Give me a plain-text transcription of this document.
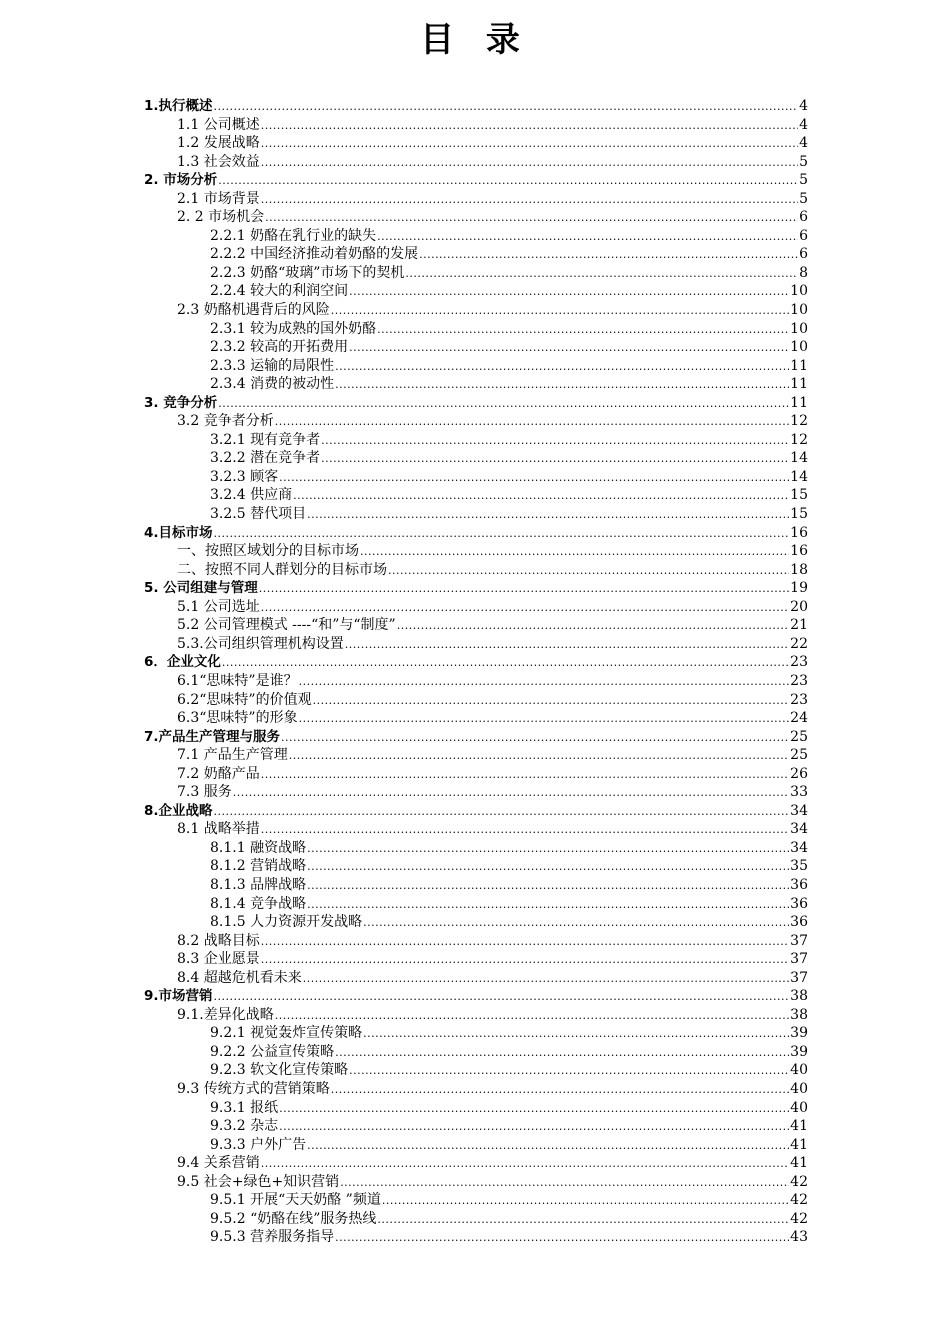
目 录
1.执行概述 .....	4
1.1 公司概述 .....	4
1.2 发展战略 .....	4
1.3 社会效益 .....	5
2. 市场分析 .....	5
2.1 市场背景 .....	5
2. 2 市场机会 .....	6
2.2.1 奶酪在乳行业的缺失 .....	6
2.2.2 中国经济推动着奶酪的发展 .....	6
2.2.3 奶酪“玻璃”市场下的契机 .....	8
2.2.4 较大的利润空间 .....	10
2.3 奶酪机遇背后的风险 .....	10
2.3.1 较为成熟的国外奶酪 .....	10
2.3.2 较高的开拓费用 .....	10
2.3.3 运输的局限性 .....	11
2.3.4 消费的被动性 .....	11
3. 竞争分析 .....	11
3.2 竞争者分析 .....	12
3.2.1 现有竞争者 .....	12
3.2.2 潜在竞争者 .....	14
3.2.3 顾客 .....	14
3.2.4 供应商 .....	15
3.2.5 替代项目 .....	15
4.目标市场 .....	16
一、按照区域划分的目标市场 .....	16
二、按照不同人群划分的目标市场 .....	18
5. 公司组建与管理 .....	19
5.1 公司选址 .....	20
5.2 公司管理模式 ----“和”与“制度” .....	21
5.3.公司组织管理机构设置 .....	22
6．企业文化 .....	23
6.1“思味特”是谁？ .....	23
6.2“思味特”的价值观 .....	23
6.3“思味特”的形象 .....	24
7.产品生产管理与服务 .....	25
7.1 产品生产管理 .....	25
7.2 奶酪产品 .....	26
7.3 服务 .....	33
8.企业战略 .....	34
8.1 战略举措 .....	34
8.1.1 融资战略 .....	34
8.1.2 营销战略 .....	35
8.1.3 品牌战略 .....	36
8.1.4 竞争战略 .....	36
8.1.5 人力资源开发战略 .....	36
8.2 战略目标 .....	37
8.3 企业愿景 .....	37
8.4 超越危机看未来 .....	37
9.市场营销 .....	38
9.1.差异化战略 .....	38
9.2.1 视觉轰炸宣传策略 .....	39
9.2.2 公益宣传策略 .....	39
9.2.3 软文化宣传策略 .....	40
9.3 传统方式的营销策略 .....	40
9.3.1 报纸 .....	40
9.3.2 杂志 .....	41
9.3.3 户外广告 .....	41
9.4 关系营销 .....	41
9.5 社会+绿色+知识营销 .....	42
9.5.1 开展“天天奶酪 ”频道 .....	42
9.5.2 “奶酪在线”服务热线 .....	42
9.5.3 营养服务指导 .....	43
